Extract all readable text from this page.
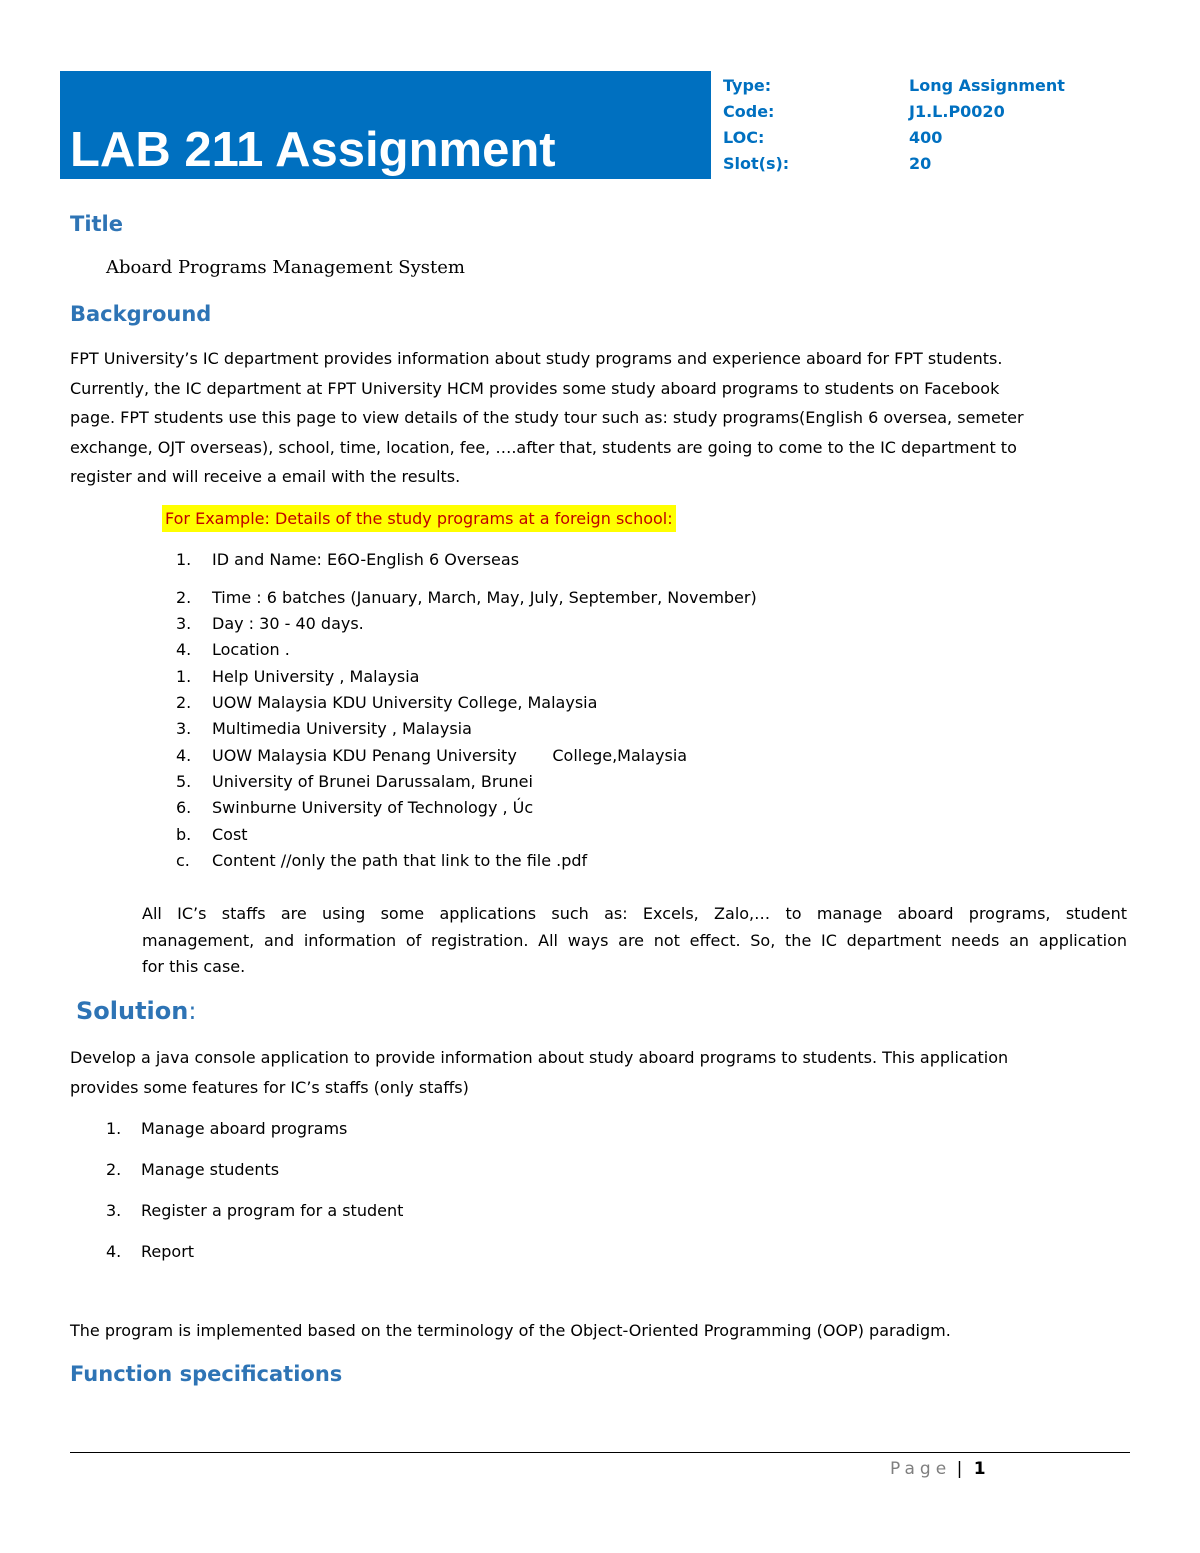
LAB 211 Assignment
Type:	Long Assignment
Code:	J1.L.P0020
LOC:	400
Slot(s):	20
Title
Aboard Programs Management System
Background
FPT University’s IC department provides information about study programs and experience aboard for FPT students.
Currently, the IC department at FPT University HCM provides some study aboard programs to students on Facebook
page. FPT students use this page to view details of the study tour such as: study programs(English 6 oversea, semeter
exchange, OJT overseas), school, time, location, fee, ….after that, students are going to come to the IC department to
register and will receive a email with the results.
For Example: Details of the study programs at a foreign school:
1. ID and Name: E6O-English 6 Overseas
2. Time : 6 batches (January, March, May, July, September, November)
3. Day : 30 - 40 days.
4. Location .
1. Help University , Malaysia
2. UOW Malaysia KDU University College, Malaysia
3. Multimedia University , Malaysia
4. UOW Malaysia KDU Penang University       College,Malaysia
5. University of Brunei Darussalam, Brunei
6. Swinburne University of Technology , Úc
b. Cost
c. Content //only the path that link to the file .pdf
All IC’s staffs are using some applications such as: Excels, Zalo,… to manage aboard programs, student
management, and information of registration. All ways are not effect. So, the IC department needs an application
for this case.
Solution:
Develop a java console application to provide information about study aboard programs to students. This application
provides some features for IC’s staffs (only staffs)
1. Manage aboard programs
2. Manage students
3. Register a program for a student
4. Report
The program is implemented based on the terminology of the Object-Oriented Programming (OOP) paradigm.
Function specifications
Page | 1
